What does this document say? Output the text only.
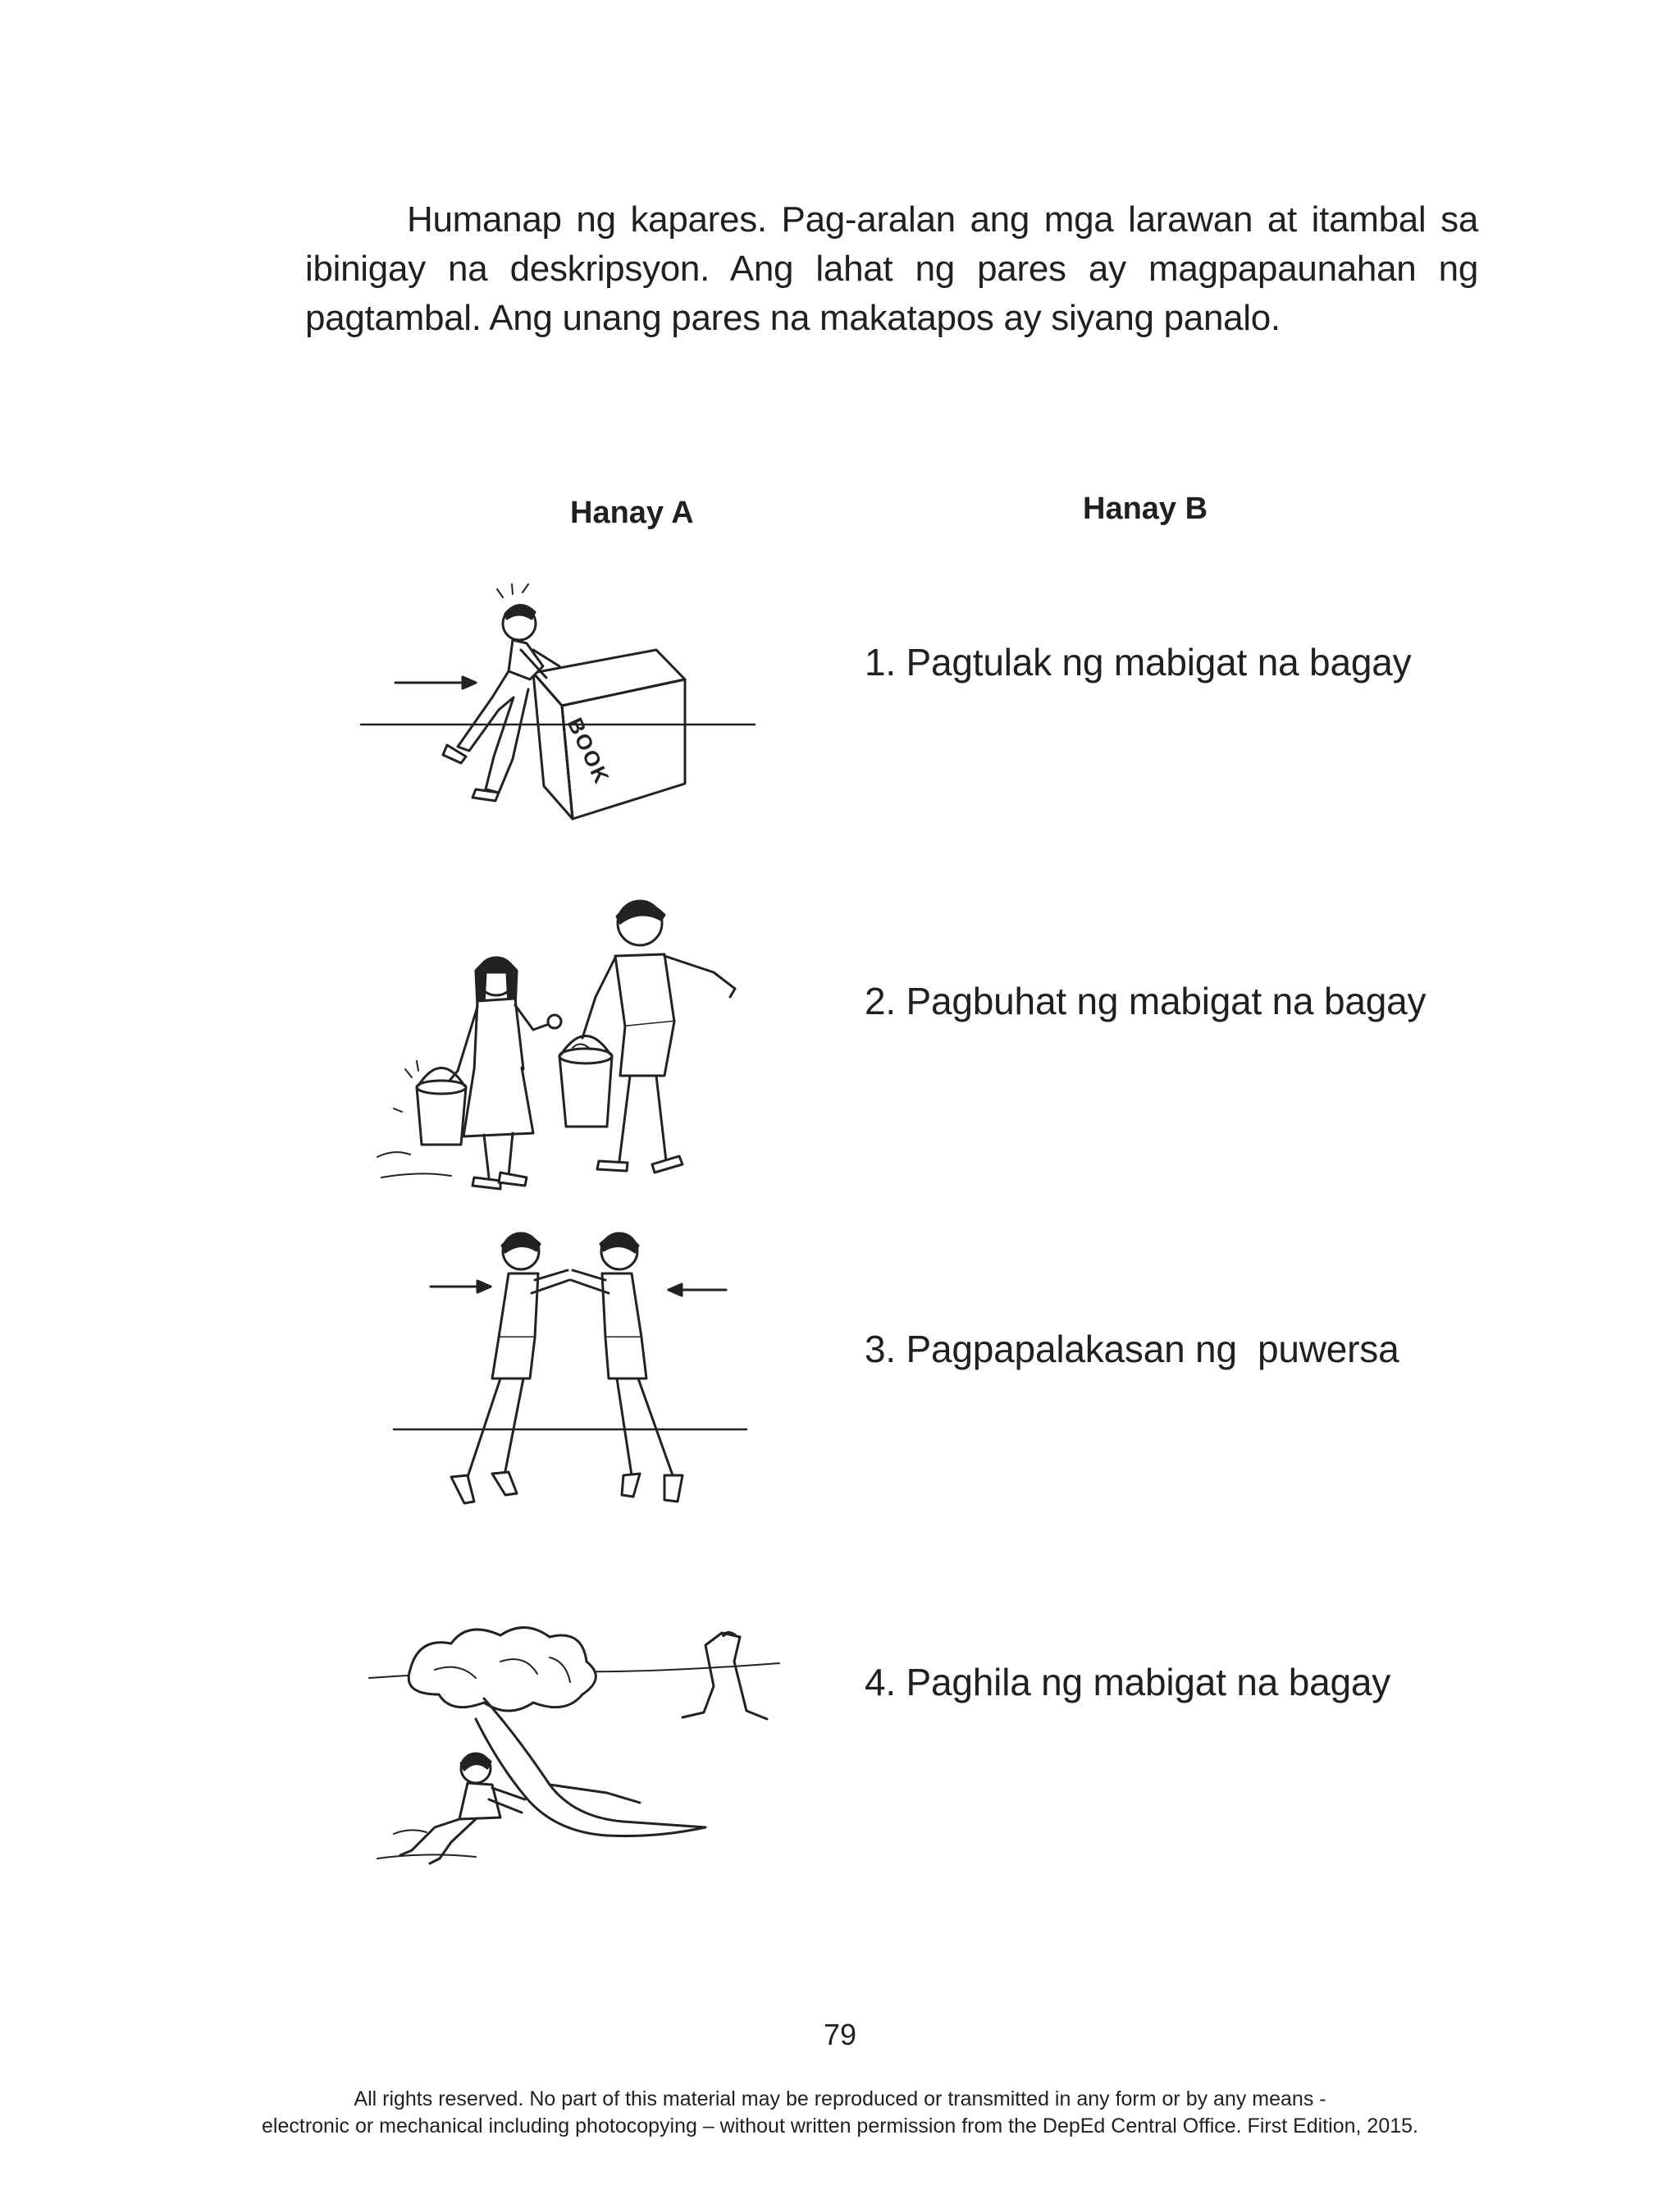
Humanap ng kapares. Pag-aralan ang mga larawan at itambal sa ibinigay na deskripsyon. Ang lahat ng pares ay magpapaunahan ng pagtambal. Ang unang pares na makatapos ay siyang panalo.
Hanay A	Hanay B
BOOK
1. Pagtulak ng mabigat na bagay
2. Pagbuhat ng mabigat na bagay
3. Pagpapalakasan ng  puwersa
4. Paghila ng mabigat na bagay
79
All rights reserved. No part of this material may be reproduced or transmitted in any form or by any means -
electronic or mechanical including photocopying – without written permission from the DepEd Central Office. First Edition, 2015.
